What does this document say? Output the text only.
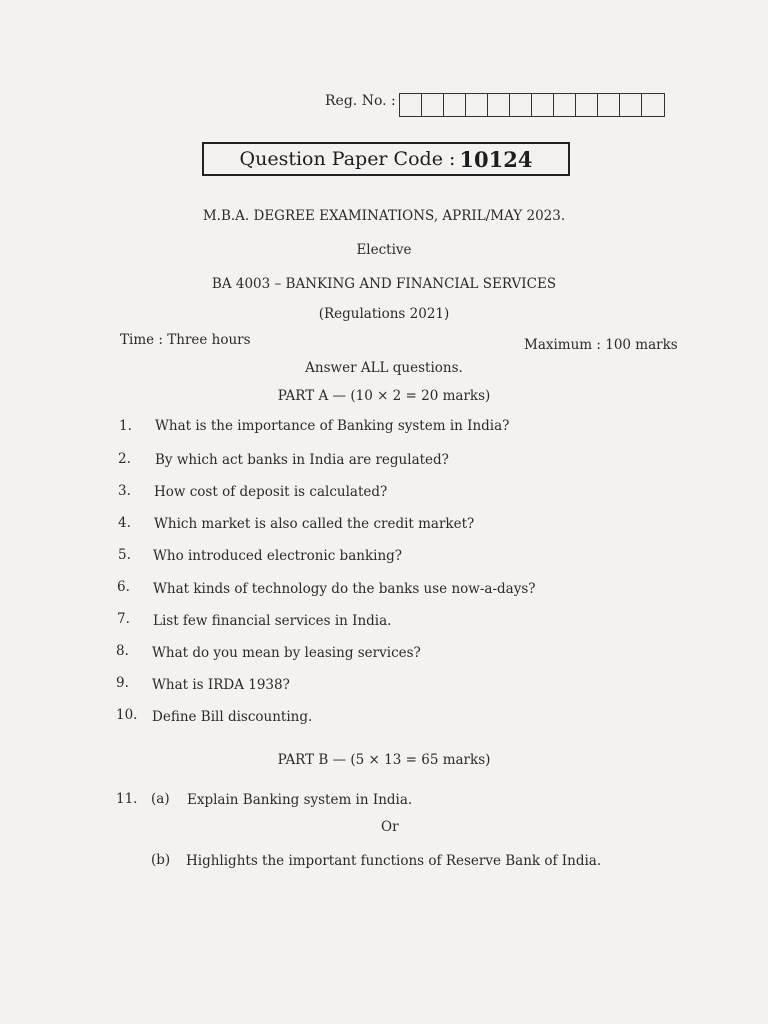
Reg. No. :
Question Paper Code : 10124
M.B.A. DEGREE EXAMINATIONS, APRIL/MAY 2023.
Elective
BA 4003 – BANKING AND FINANCIAL SERVICES
(Regulations 2021)
Time : Three hours	Maximum : 100 marks
Answer ALL questions.
PART A — (10 × 2 = 20 marks)
1. What is the importance of Banking system in India?
2. By which act banks in India are regulated?
3. How cost of deposit is calculated?
4. Which market is also called the credit market?
5. Who introduced electronic banking?
6. What kinds of technology do the banks use now-a-days?
7. List few financial services in India.
8. What do you mean by leasing services?
9. What is IRDA 1938?
10. Define Bill discounting.
PART B — (5 × 13 = 65 marks)
11. (a) Explain Banking system in India.
Or
(b) Highlights the important functions of Reserve Bank of India.
